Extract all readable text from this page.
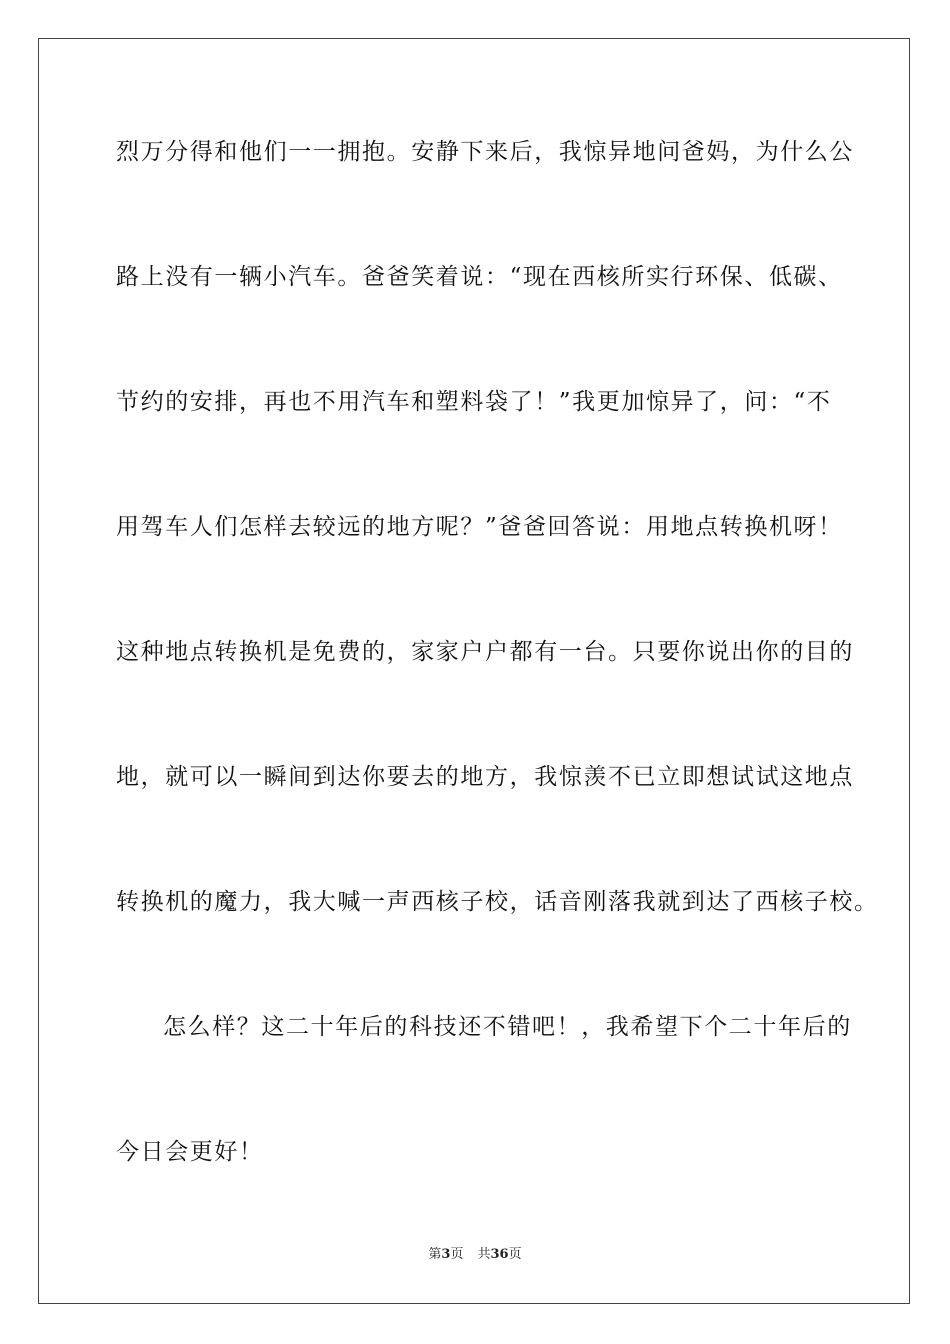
烈万分得和他们一一拥抱。安静下来后，我惊异地问爸妈，为什么公
路上没有一辆小汽车。爸爸笑着说：“现在西核所实行环保、低碳、
节约的安排，再也不用汽车和塑料袋了！”我更加惊异了，问：“不
用驾车人们怎样去较远的地方呢？”爸爸回答说：用地点转换机呀！
这种地点转换机是免费的，家家户户都有一台。只要你说出你的目的
地，就可以一瞬间到达你要去的地方，我惊羡不已立即想试试这地点
转换机的魔力，我大喊一声西核子校，话音刚落我就到达了西核子校。
怎么样？这二十年后的科技还不错吧！，我希望下个二十年后的
今日会更好！
第3页 共36页
